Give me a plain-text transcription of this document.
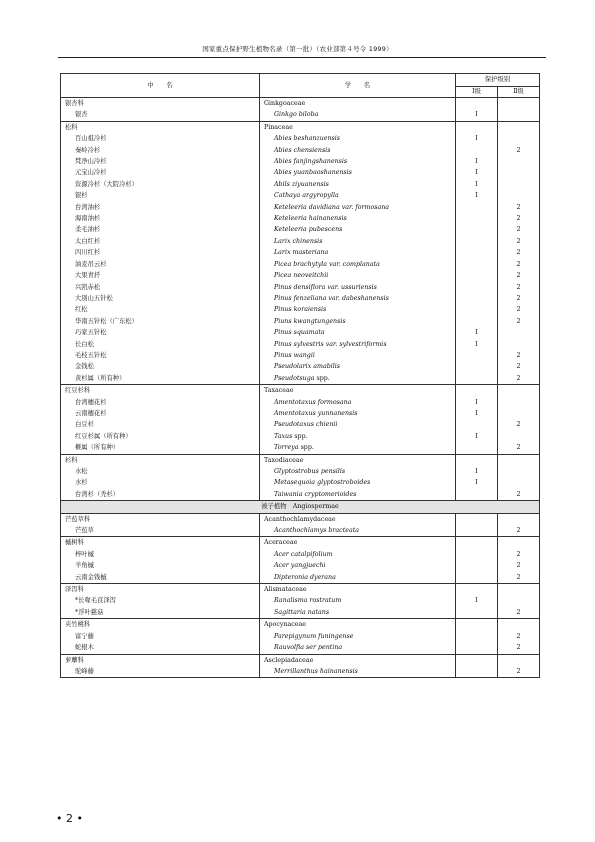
国家重点保护野生植物名录（第一批）（农业部第４号令 1999）
中　　名	学　　名	保护级别	
		Ⅰ级	Ⅱ级
银杏科	Ginkgoaceae		
银杏	Ginkgo biloba	Ⅰ	
松科	Pinaceae		
百山祖冷杉	Abies beshanzuensis	Ⅰ	
秦岭冷杉	Abies chensiensis		2
梵净山冷杉	Abies fanjingshanensis	Ⅰ	
元宝山冷杉	Abies yuanbaoshanensis	Ⅰ	
资源冷杉（大院冷杉）	Abils ziyuanensis	Ⅰ	
银杉	Cathaya argyropylla	Ⅰ	
台湾油杉	Keteleeria davidiana var. formosana		2
海南油杉	Keteleeria hainanensis		2
柔毛油杉	Keteleeria pubescens		2
太白红杉	Larix chinensis		2
四川红杉	Larix masteriana		2
油麦吊云杉	Picea brachytyla var. complanata		2
大果青扦	Picea neoveitchii		2
兴凯赤松	Pinus densiflora var. ussuriensis		2
大别山五针松	Pinus fenzeliana var. dabeshanensis		2
红松	Pinus koraiensis		2
华南五针松（广东松）	Piuns kwangtungensis		2
巧家五针松	Pinus squamata	Ⅰ	
长白松	Pinus sylvestris var. sylvestriformis	Ⅰ	
毛枝五针松	Pinus wangii		2
金钱松	Pseudolarix amabilis		2
黄杉属（所有种）	Pseudotsuga spp.		2
红豆杉科	Taxaceae		
台湾穗花杉	Amentotaxus formosana	Ⅰ	
云南穗花杉	Amentotaxus yunnanensis	Ⅰ	
白豆杉	Pseudotaxus chienii		2
红豆杉属（所有种）	Taxus spp.	Ⅰ	
榧属（所有种）	Torreya spp.		2
杉科	Taxodiaceae		
水松	Glyptostrobus pensilis	Ⅰ	
水杉	Metasequoia glyptostroboides	Ⅰ	
台湾杉（秃杉）	Taiwania cryptomerioides		2
被子植物　Angiospermae			
芒苞草科	Acanthochlamydaceae		
芒苞草	Acanthochlamys bracteata		2
槭树科	Aceraceae		
梓叶槭	Acer catalpifolium		2
羊角槭	Acer yangjuechi		2
云南金钱槭	Dipteronia dyerana		2
泽泻科	Alismataceae		
*长喙毛茛泽泻	Ranalisma rostratum	Ⅰ	
*浮叶慈菇	Sagittaria natans		2
夹竹桃科	Apocynaceae		
富宁藤	Parepigynum funingense		2
蛇根木	Rauvolfia ser pentina		2
萝藦科	Asclepiadaceae		
驼峰藤	Merrillanthus hainanensis		2
• 2 •
